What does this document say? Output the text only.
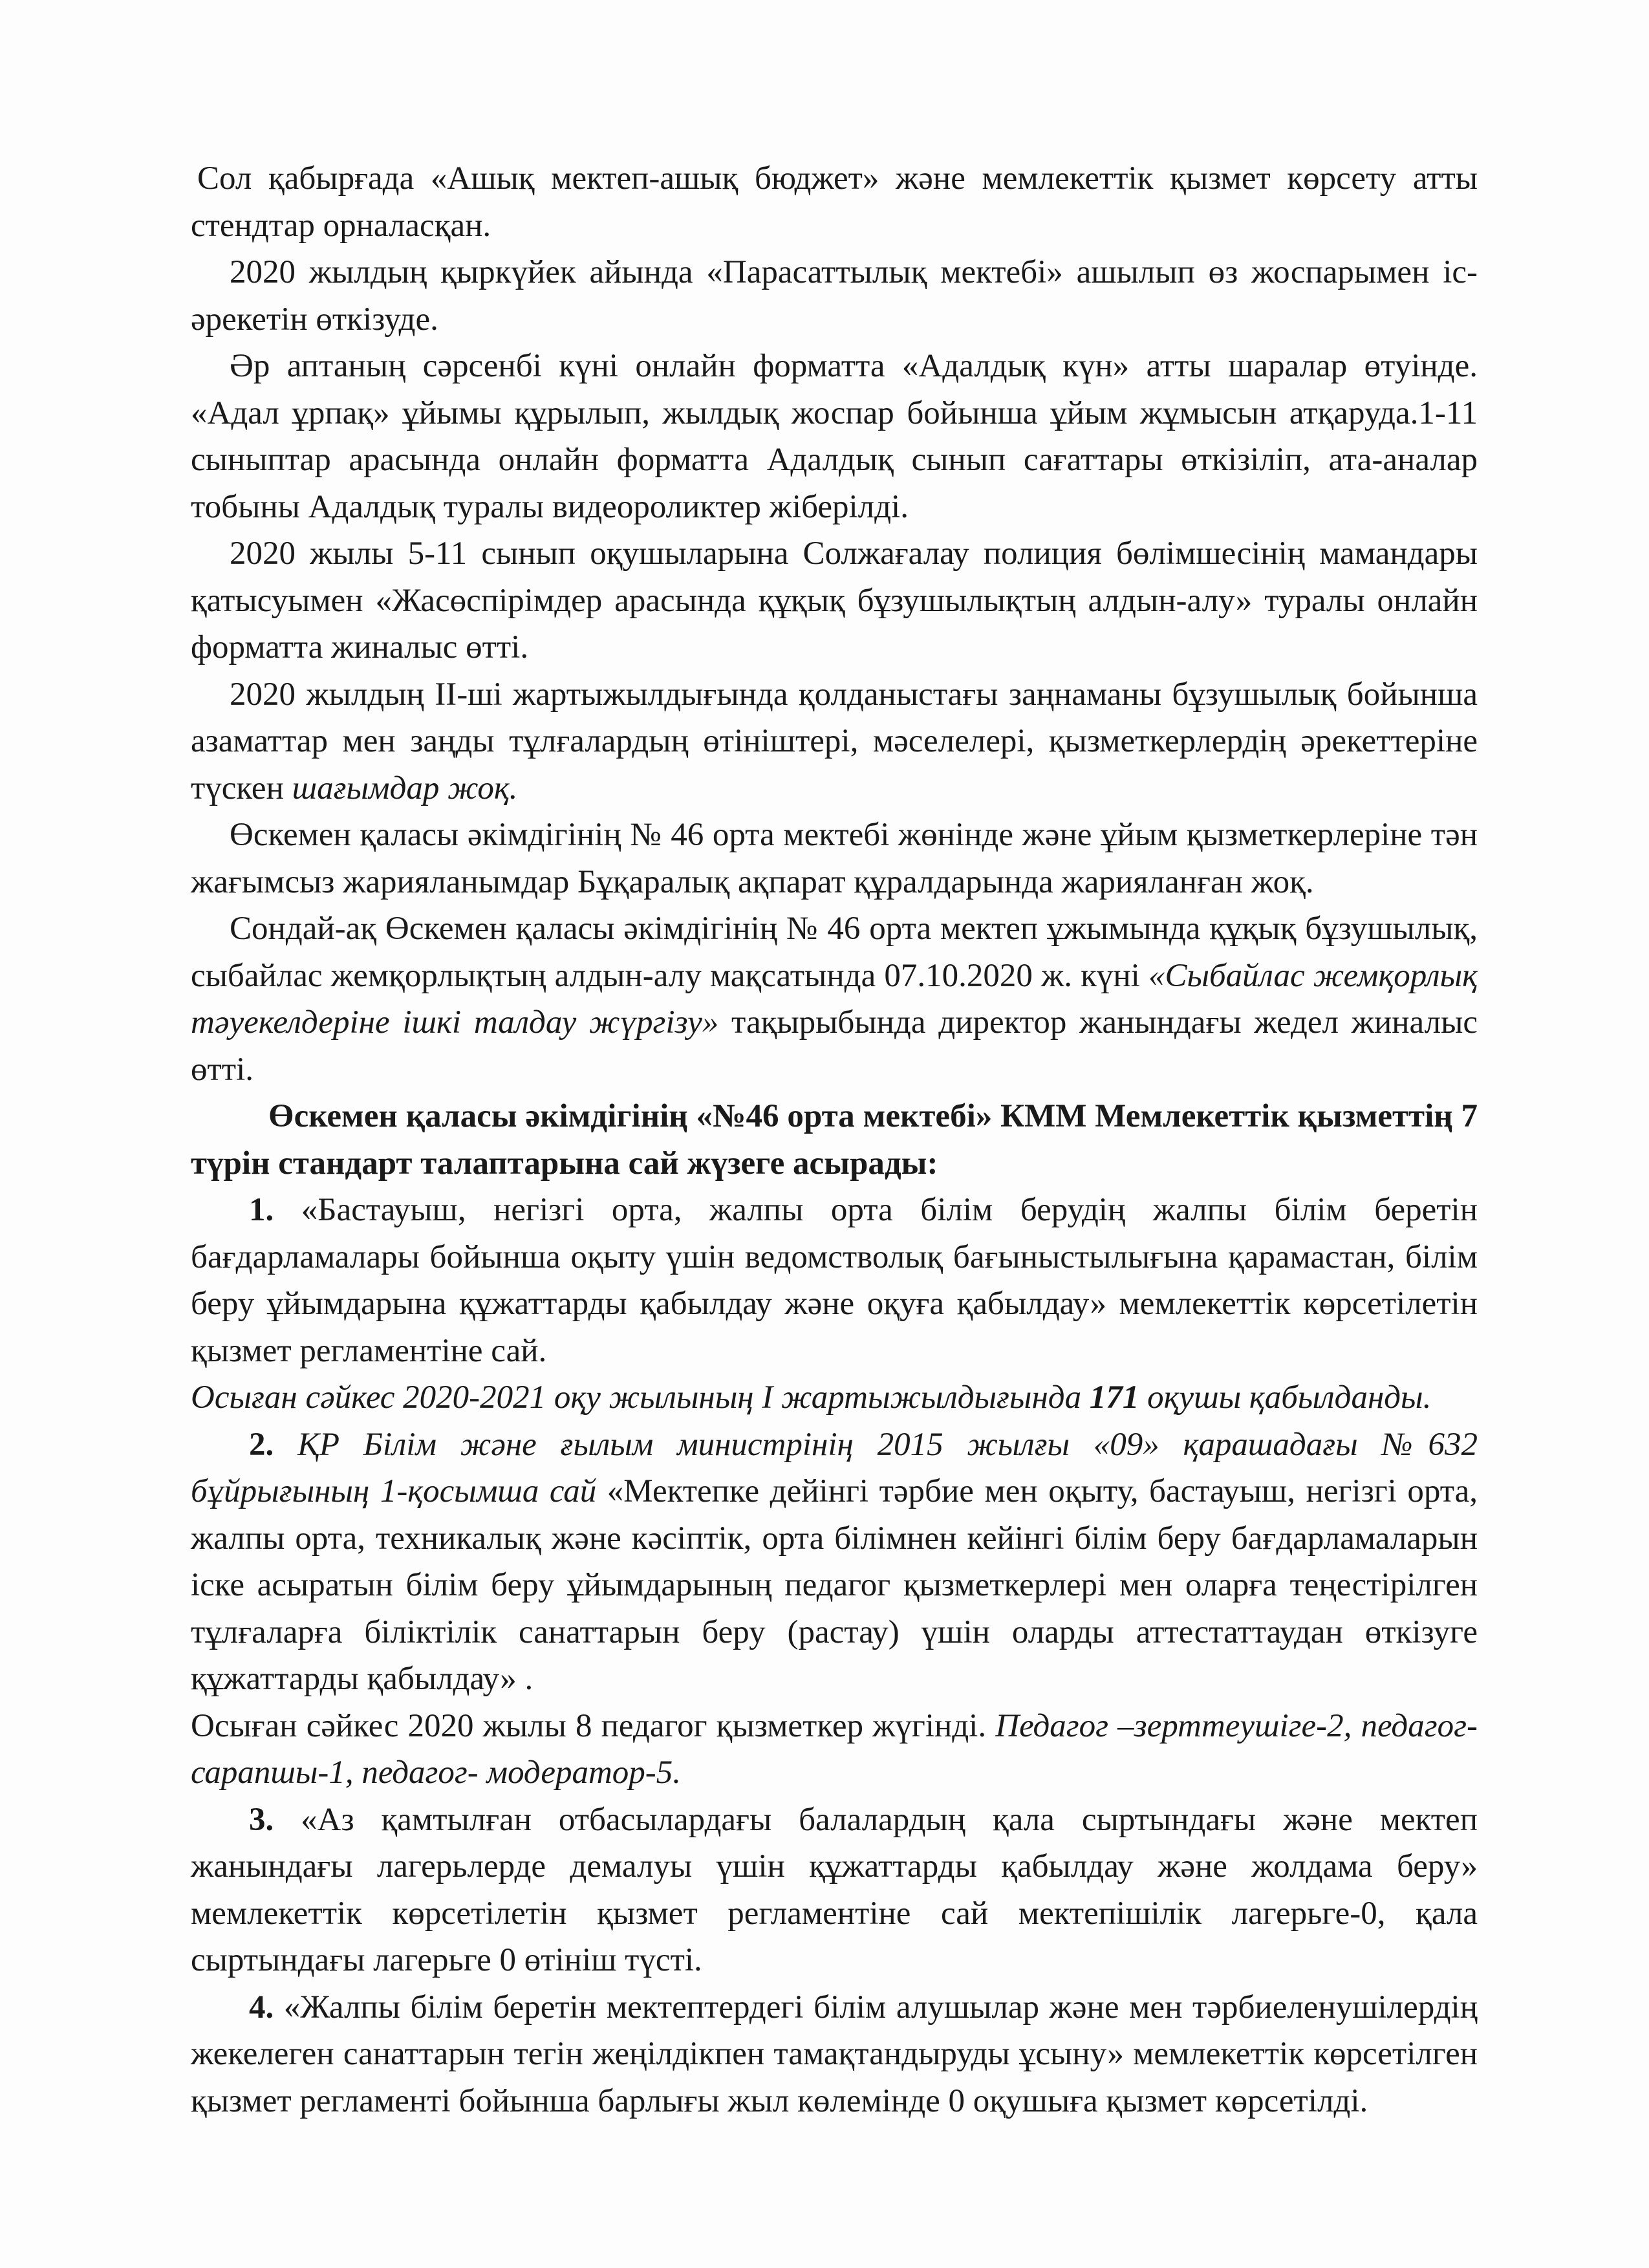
Сол қабырғада «Ашық мектеп-ашық бюджет» және мемлекеттік қызмет көрсету атты стендтар орналасқан.

2020 жылдың қыркүйек айында «Парасаттылық мектебі» ашылып өз жоспарымен іс-әрекетін өткізуде.

Әр аптаның сәрсенбі күні онлайн форматта «Адалдық күн» атты шаралар өтуінде. «Адал ұрпақ» ұйымы құрылып, жылдық жоспар бойынша ұйым жұмысын атқаруда.1-11 сыныптар арасында онлайн форматта Адалдық сынып сағаттары өткізіліп, ата-аналар тобыны Адалдық туралы видеороликтер жіберілді.

2020 жылы 5-11 сынып оқушыларына Солжағалау полиция бөлімшесінің мамандары қатысуымен «Жасөспірімдер арасында құқық бұзушылықтың алдын-алу» туралы онлайн форматта жиналыс өтті.

2020 жылдың ІІ-ші жартыжылдығында қолданыстағы заңнаманы бұзушылық бойынша азаматтар мен заңды тұлғалардың өтініштері, мәселелері, қызметкерлердің әрекеттеріне түскен шағымдар жоқ.

Өскемен қаласы әкімдігінің № 46 орта мектебі жөнінде және ұйым қызметкерлеріне тән жағымсыз жарияланымдар Бұқаралық ақпарат құралдарында жарияланған жоқ.

Сондай-ақ Өскемен қаласы әкімдігінің № 46 орта мектеп ұжымында құқық бұзушылық, сыбайлас жемқорлықтың алдын-алу мақсатында 07.10.2020 ж. күні «Сыбайлас жемқорлық тәуекелдеріне ішкі талдау жүргізу» тақырыбында директор жанындағы жедел жиналыс өтті.

Өскемен қаласы әкімдігінің «№46 орта мектебі» КММ Мемлекеттік қызметтің 7 түрін стандарт талаптарына сай жүзеге асырады:

1. «Бастауыш, негізгі орта, жалпы орта білім берудің жалпы білім беретін бағдарламалары бойынша оқыту үшін ведомстволық бағыныстылығына қарамастан, білім беру ұйымдарына құжаттарды қабылдау және оқуға қабылдау» мемлекеттік көрсетілетін қызмет регламентіне сай.

Осыған сәйкес 2020-2021 оқу жылының І жартыжылдығында 171 оқушы қабылданды.

2. ҚР Білім және ғылым министрінің 2015 жылғы «09» қарашадағы №632 бұйрығының 1-қосымша сай «Мектепке дейінгі тәрбие мен оқыту, бастауыш, негізгі орта, жалпы орта, техникалық және кәсіптік, орта білімнен кейінгі білім беру бағдарламаларын іске асыратын білім беру ұйымдарының педагог қызметкерлері мен оларға теңестірілген тұлғаларға біліктілік санаттарын беру (растау) үшін оларды аттестаттаудан өткізуге құжаттарды қабылдау» .

Осыған сәйкес 2020 жылы 8 педагог қызметкер жүгінді. Педагог –зерттеушіге-2, педагог-сарапшы-1, педагог- модератор-5.

3. «Аз қамтылған отбасылардағы балалардың қала сыртындағы және мектеп жанындағы лагерьлерде демалуы үшін құжаттарды қабылдау және жолдама беру» мемлекеттік көрсетілетін қызмет регламентіне сай мектепішілік лагерьге-0, қала сыртындағы лагерьге 0 өтініш түсті.

4. «Жалпы білім беретін мектептердегі білім алушылар және мен тәрбиеленушілердің жекелеген санаттарын тегін жеңілдікпен тамақтандыруды ұсыну» мемлекеттік көрсетілген қызмет регламенті бойынша барлығы жыл көлемінде 0 оқушыға қызмет көрсетілді.
